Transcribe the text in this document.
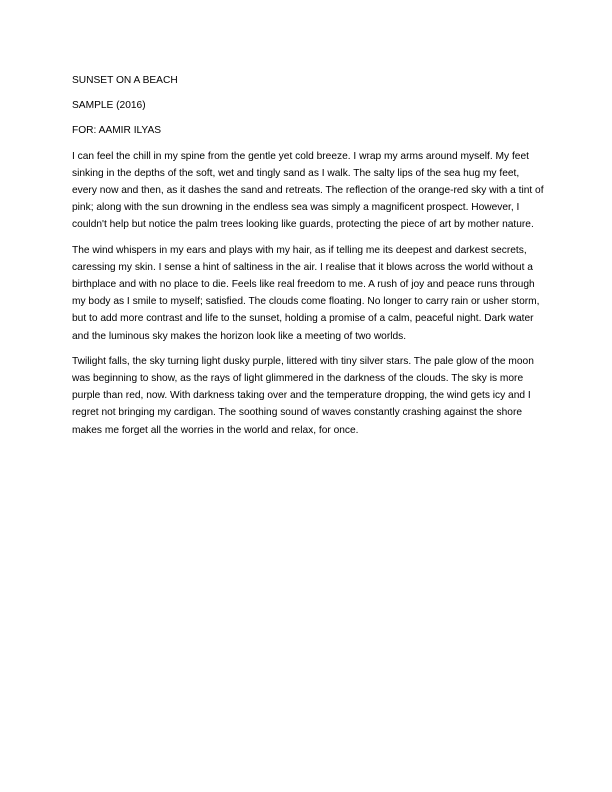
SUNSET ON A BEACH
SAMPLE (2016)
FOR: AAMIR ILYAS

I can feel the chill in my spine from the gentle yet cold breeze. I wrap my arms around myself. My feet sinking in the depths of the soft, wet and tingly sand as I walk. The salty lips of the sea hug my feet, every now and then, as it dashes the sand and retreats. The reflection of the orange-red sky with a tint of pink; along with the sun drowning in the endless sea was simply a magnificent prospect. However, I couldn't help but notice the palm trees looking like guards, protecting the piece of art by mother nature.

The wind whispers in my ears and plays with my hair, as if telling me its deepest and darkest secrets, caressing my skin. I sense a hint of saltiness in the air. I realise that it blows across the world without a birthplace and with no place to die. Feels like real freedom to me. A rush of joy and peace runs through my body as I smile to myself; satisfied. The clouds come floating. No longer to carry rain or usher storm, but to add more contrast and life to the sunset, holding a promise of a calm, peaceful night. Dark water and the luminous sky makes the horizon look like a meeting of two worlds.

Twilight falls, the sky turning light dusky purple, littered with tiny silver stars. The pale glow of the moon was beginning to show, as the rays of light glimmered in the darkness of the clouds. The sky is more purple than red, now. With darkness taking over and the temperature dropping, the wind gets icy and I regret not bringing my cardigan. The soothing sound of waves constantly crashing against the shore makes me forget all the worries in the world and relax, for once.
